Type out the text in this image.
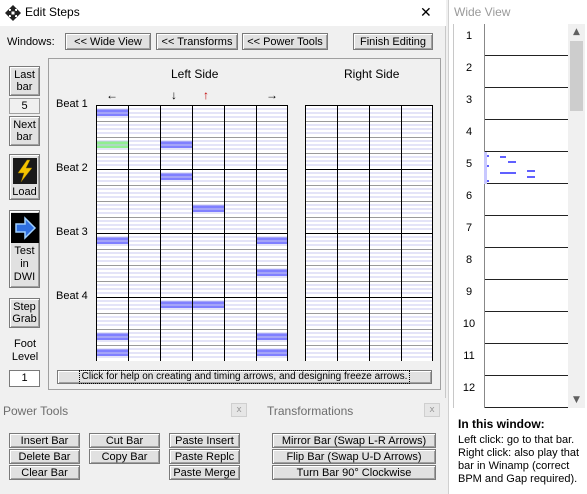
Edit Steps	✕
Windows:	<< Wide View	<< Transforms	<< Power Tools	Finish Editing
Last bar
5
Next bar
Load
Test in DWI
Step Grab
Foot Level
1
Left Side	Right Side
←	↓ ↑	→
Beat 1
Beat 2
Beat 3
Beat 4
Click for help on creating and timing arrows, and designing freeze arrows.
Power Tools	x
Insert Bar
Delete Bar
Clear Bar
Cut Bar
Copy Bar
Paste Insert
Paste Replc
Paste Merge
Transformations	x
Mirror Bar (Swap L-R Arrows)
Flip Bar (Swap U-D Arrows)
Turn Bar 90° Clockwise
Wide View
1
2
3
4
5
6
7
8
9
10
11
12
▲
▼
In this window:
Left click: go to that bar.
Right click: also play that bar in Winamp (correct BPM and Gap required).
